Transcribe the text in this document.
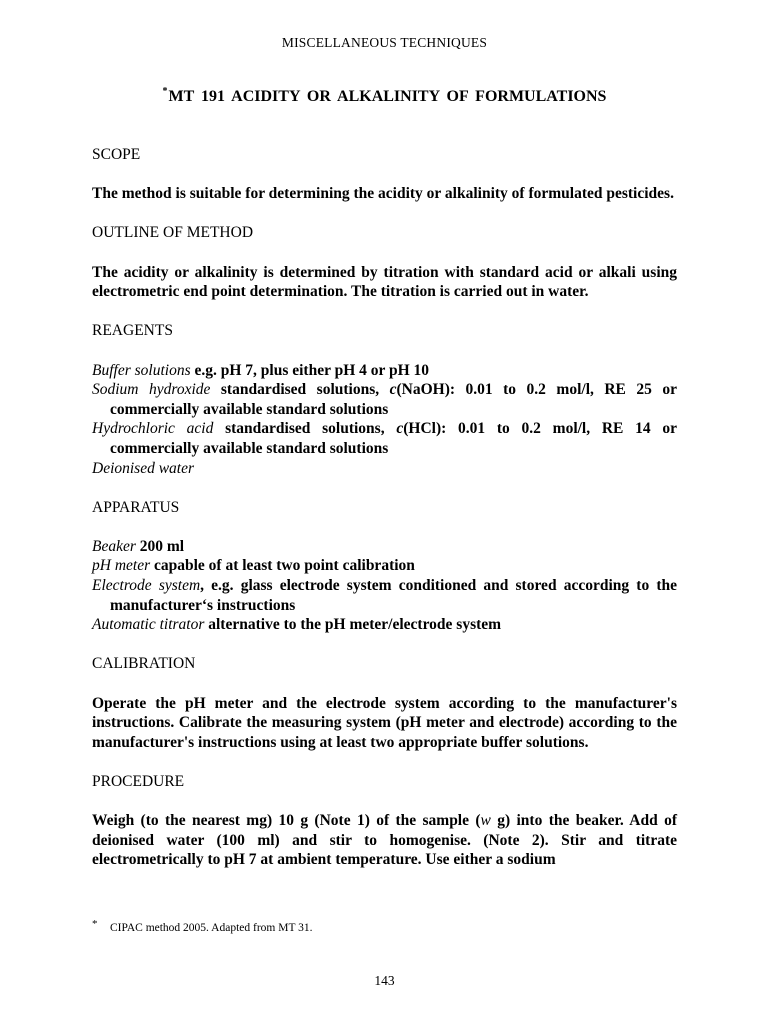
MISCELLANEOUS TECHNIQUES
*MT 191 ACIDITY OR ALKALINITY OF FORMULATIONS

SCOPE

The method is suitable for determining the acidity or alkalinity of formulated pesticides.

OUTLINE OF METHOD

The acidity or alkalinity is determined by titration with standard acid or alkali using electrometric end point determination. The titration is carried out in water.

REAGENTS

Buffer solutions e.g. pH 7, plus either pH 4 or pH 10

Sodium hydroxide standardised solutions, c(NaOH): 0.01 to 0.2 mol/l, RE 25 or commercially available standard solutions

Hydrochloric acid standardised solutions, c(HCl): 0.01 to 0.2 mol/l, RE 14 or commercially available standard solutions

Deionised water

APPARATUS

Beaker 200 ml

pH meter capable of at least two point calibration

Electrode system, e.g. glass electrode system conditioned and stored according to the manufacturer‘s instructions

Automatic titrator alternative to the pH meter/electrode system

CALIBRATION

Operate the pH meter and the electrode system according to the manufacturer's instructions. Calibrate the measuring system (pH meter and electrode) according to the manufacturer's instructions using at least two appropriate buffer solutions.

PROCEDURE

Weigh (to the nearest mg) 10 g (Note 1) of the sample (w g) into the beaker. Add of deionised water (100 ml) and stir to homogenise. (Note 2). Stir and titrate electrometrically to pH 7 at ambient temperature. Use either a sodium

* CIPAC method 2005. Adapted from MT 31.
143
